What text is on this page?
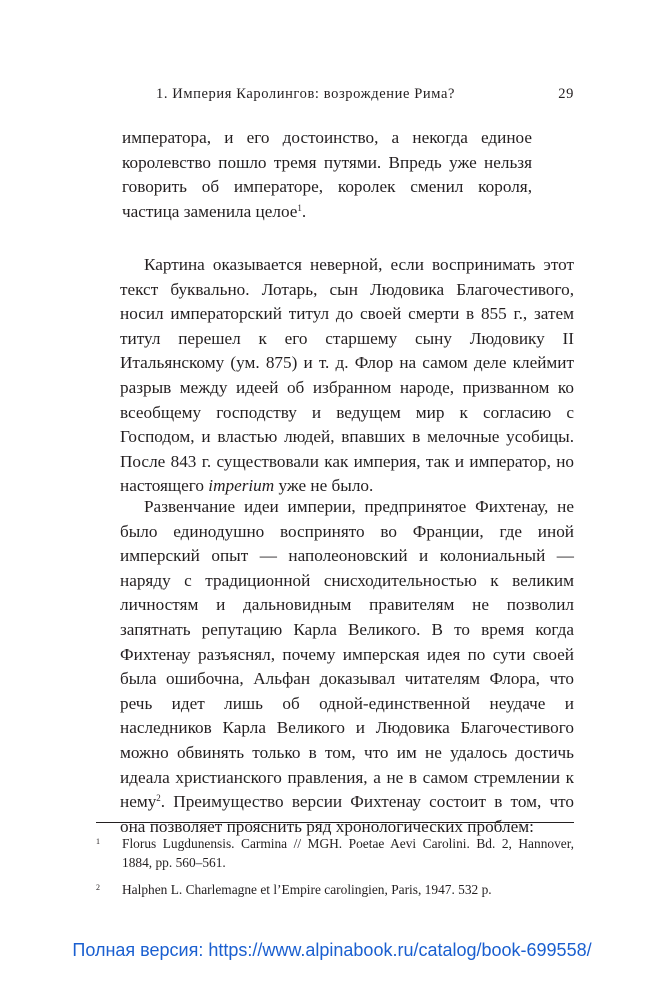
1. Империя Каролингов: возрождение Рима?	29
императора, и его достоинство, а некогда единое королевство пошло тремя путями. Впредь уже нельзя говорить об императоре, королек сменил короля, частица заменила целое$^1$.
Картина оказывается неверной, если воспринимать этот текст буквально. Лотарь, сын Людовика Благочестивого, носил императорский титул до своей смерти в 855 г., затем титул перешел к его старшему сыну Людовику II Итальянскому (ум. 875) и т. д. Флор на самом деле клеймит разрыв между идеей об избранном народе, призванном ко всеобщему господству и ведущем мир к согласию с Господом, и властью людей, впавших в мелочные усобицы. После 843 г. существовали как империя, так и император, но настоящего imperium уже не было.
Развенчание идеи империи, предпринятое Фихтенау, не было единодушно воспринято во Франции, где иной имперский опыт — наполеоновский и колониальный — наряду с традиционной снисходительностью к великим личностям и дальновидным правителям не позволил запятнать репутацию Карла Великого. В то время когда Фихтенау разъяснял, почему имперская идея по сути своей была ошибочна, Альфан доказывал читателям Флора, что речь идет лишь об одной-единственной неудаче и наследников Карла Великого и Людовика Благочестивого можно обвинять только в том, что им не удалось достичь идеала христианского правления, а не в самом стремлении к нему$^2$. Преимущество версии Фихтенау состоит в том, что она позволяет прояснить ряд хронологических проблем:
1 Florus Lugdunensis. Carmina // MGH. Poetae Aevi Carolini. Bd. 2, Hannover, 1884, pp. 560–561.
2 Halphen L. Charlemagne et l’Empire carolingien, Paris, 1947. 532 p.
Полная версия: https://www.alpinabook.ru/catalog/book-699558/
